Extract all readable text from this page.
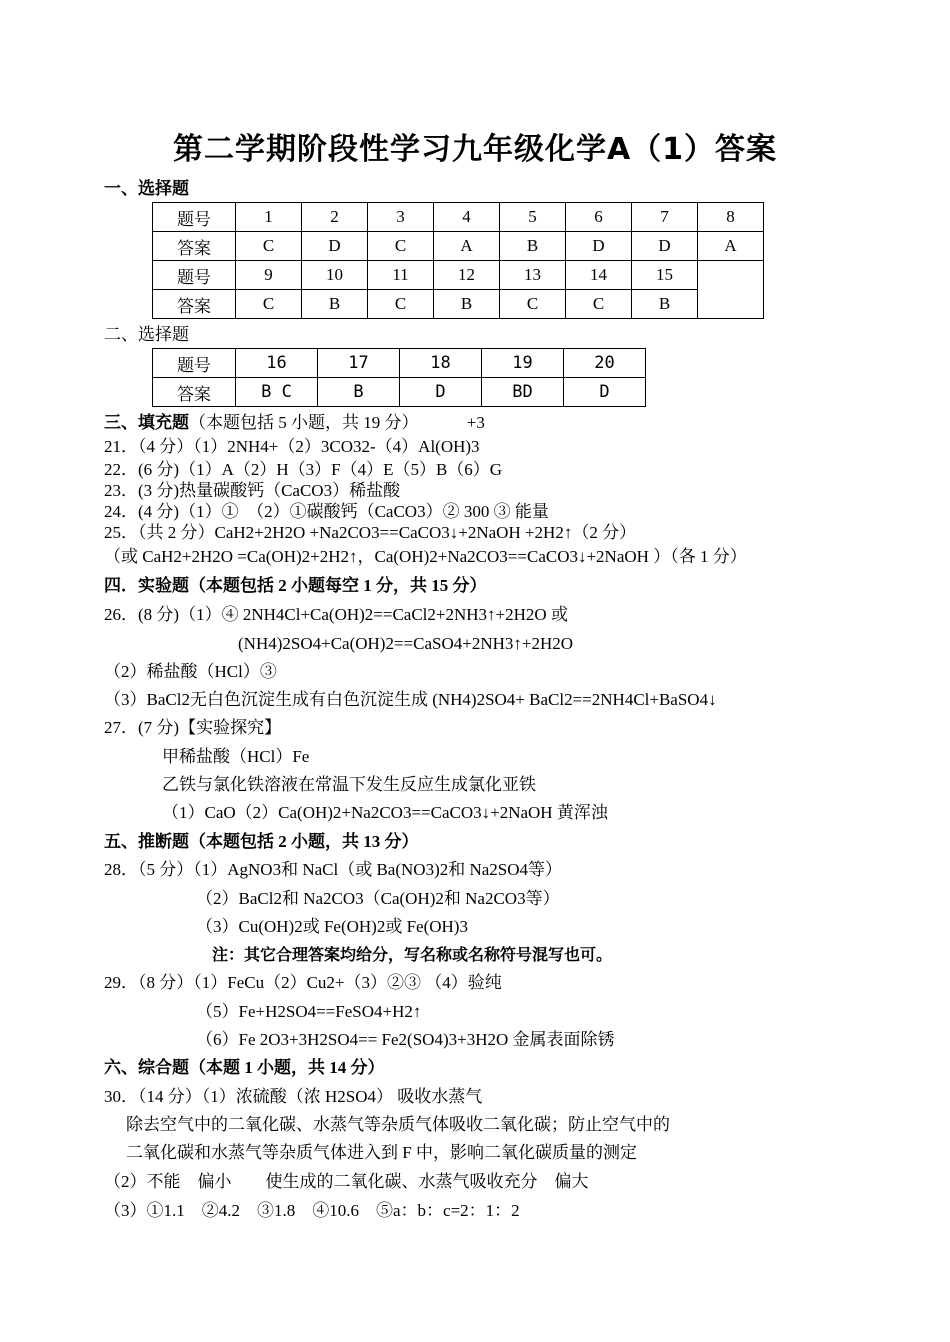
第二学期阶段性学习九年级化学A（1）答案
一、选择题
题号	1	2	3	4	5	6	7	8
答案	C	D	C	A	B	D	D	A
题号	9	10	11	12	13	14	15	
答案	C	B	C	B	C	C	B	
二、选择题
题号	16	17	18	19	20
答案	B C	B	D	BD	D
三、填充题（本题包括 5 小题，共 19 分）	+3
21．（4 分）（1）2NH4+（2）3CO32-（4）Al(OH)3
22．(6 分)（1）A（2）H（3）F（4）E（5）B（6）G
23．(3 分)热量碳酸钙（CaCO3）稀盐酸
24．(4 分)（1）①　（2）①碳酸钙（CaCO3）② 300 ③ 能量
25．（共 2 分）CaH2+2H2O +Na2CO3==CaCO3↓+2NaOH +2H2↑（2 分）
（或 CaH2+2H2O =Ca(OH)2+2H2↑，Ca(OH)2+Na2CO3==CaCO3↓+2NaOH ）（各 1 分）
四．实验题（本题包括 2 小题每空 1 分，共 15 分）
26．(8 分)（1）④ 2NH4Cl+Ca(OH)2==CaCl2+2NH3↑+2H2O 或
(NH4)2SO4+Ca(OH)2==CaSO4+2NH3↑+2H2O
（2）稀盐酸（HCl）③
（3）BaCl2无白色沉淀生成有白色沉淀生成 (NH4)2SO4+ BaCl2==2NH4Cl+BaSO4↓
27．(7 分)【实验探究】
甲稀盐酸（HCl）Fe
乙铁与氯化铁溶液在常温下发生反应生成氯化亚铁
（1）CaO（2）Ca(OH)2+Na2CO3==CaCO3↓+2NaOH 黄浑浊
五、推断题（本题包括 2 小题，共 13 分）
28．（5 分）（1）AgNO3和 NaCl（或 Ba(NO3)2和 Na2SO4等）
（2）BaCl2和 Na2CO3（Ca(OH)2和 Na2CO3等）
（3）Cu(OH)2或 Fe(OH)2或 Fe(OH)3
注：其它合理答案均给分，写名称或名称符号混写也可。
29．（8 分）（1）FeCu（2）Cu2+（3）②③ （4）验纯
（5）Fe+H2SO4==FeSO4+H2↑
（6）Fe 2O3+3H2SO4== Fe2(SO4)3+3H2O 金属表面除锈
六、综合题（本题 1 小题，共 14 分）
30．（14 分）（1）浓硫酸（浓 H2SO4） 吸收水蒸气
除去空气中的二氧化碳、水蒸气等杂质气体吸收二氧化碳；防止空气中的
二氧化碳和水蒸气等杂质气体进入到 F 中，影响二氧化碳质量的测定
（2）不能　偏小　　使生成的二氧化碳、水蒸气吸收充分　偏大
（3）①1.1　②4.2　③1.8　④10.6　⑤a：b：c=2：1：2
